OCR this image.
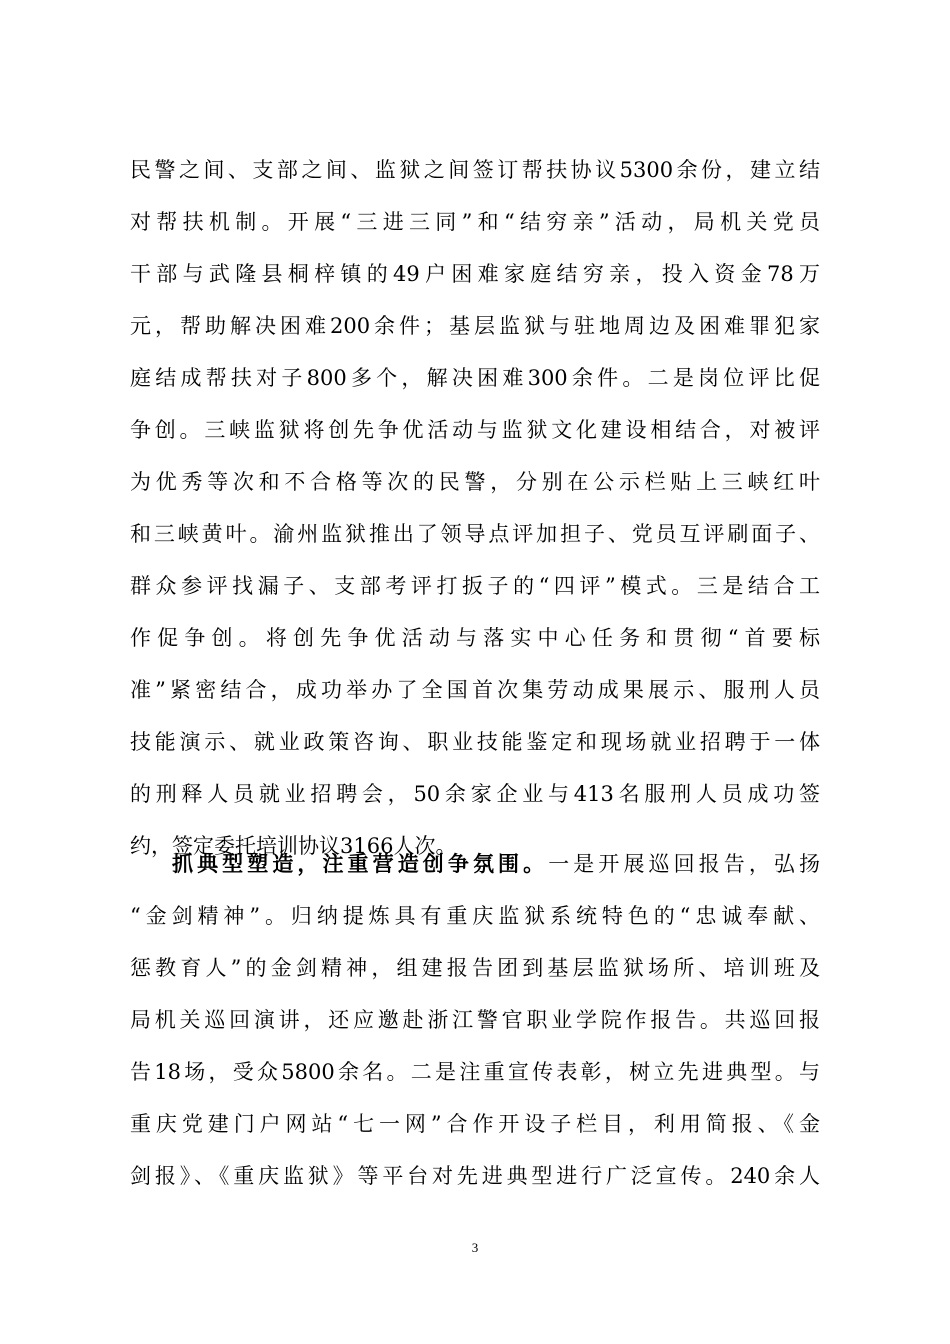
民警之间、支部之间、监狱之间签订帮扶协议5300余份，建立结
对帮扶机制。开展“三进三同”和“结穷亲”活动，局机关党员
干部与武隆县桐梓镇的49户困难家庭结穷亲，投入资金78万
元，帮助解决困难200余件；基层监狱与驻地周边及困难罪犯家
庭结成帮扶对子800多个，解决困难300余件。二是岗位评比促
争创。三峡监狱将创先争优活动与监狱文化建设相结合，对被评
为优秀等次和不合格等次的民警，分别在公示栏贴上三峡红叶
和三峡黄叶。渝州监狱推出了领导点评加担子、党员互评刷面子、
群众参评找漏子、支部考评打扳子的“四评”模式。三是结合工
作促争创。将创先争优活动与落实中心任务和贯彻“首要标
准”紧密结合，成功举办了全国首次集劳动成果展示、服刑人员
技能演示、就业政策咨询、职业技能鉴定和现场就业招聘于一体
的刑释人员就业招聘会，50余家企业与413名服刑人员成功签
约，签定委托培训协议3166人次。
抓典型塑造，注重营造创争氛围。一是开展巡回报告，弘扬
“金剑精神”。归纳提炼具有重庆监狱系统特色的“忠诚奉献、
惩教育人”的金剑精神，组建报告团到基层监狱场所、培训班及
局机关巡回演讲，还应邀赴浙江警官职业学院作报告。共巡回报
告18场，受众5800余名。二是注重宣传表彰，树立先进典型。与
重庆党建门户网站“七一网”合作开设子栏目，利用简报、《金
剑报》、《重庆监狱》等平台对先进典型进行广泛宣传。240余人
3
